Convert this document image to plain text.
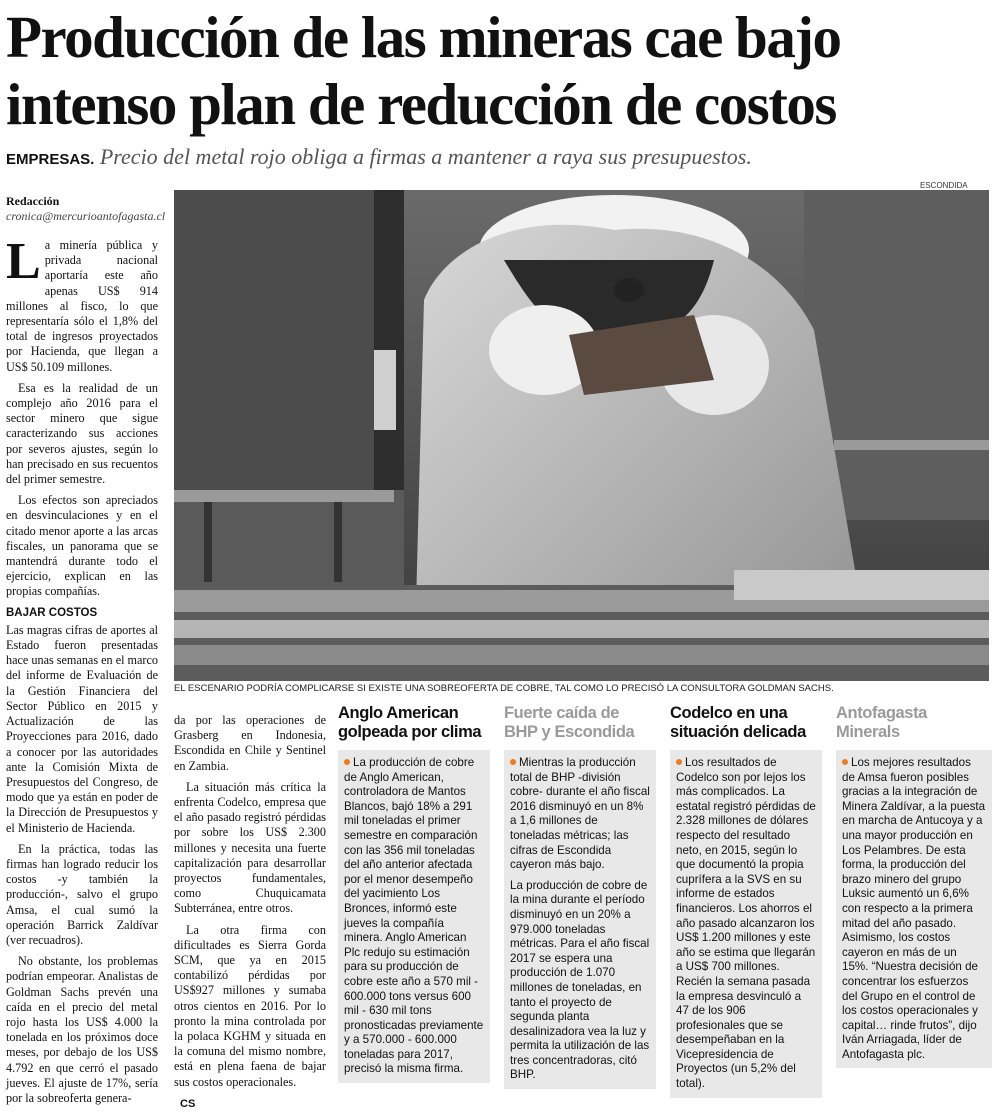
Producción de las mineras cae bajo
intenso plan de reducción de costos
EMPRESAS. Precio del metal rojo obliga a firmas a mantener a raya sus presupuestos.
Redacción
cronica@mercurioantofagasta.cl

La minería pública y privada nacional aportaría este año apenas US$ 914 millones al fisco, lo que representaría sólo el 1,8% del total de ingresos proyectados por Hacienda, que llegan a US$ 50.109 millones.

Esa es la realidad de un complejo año 2016 para el sector minero que sigue caracterizando sus acciones por severos ajustes, según lo han precisado en sus recuentos del primer semestre.

Los efectos son apreciados en desvinculaciones y en el citado menor aporte a las arcas fiscales, un panorama que se mantendrá durante todo el ejercicio, explican en las propias compañías.

BAJAR COSTOS

Las magras cifras de aportes al Estado fueron presentadas hace unas semanas en el marco del informe de Evaluación de la Gestión Financiera del Sector Público en 2015 y Actualización de las Proyecciones para 2016, dado a conocer por las autoridades ante la Comisión Mixta de Presupuestos del Congreso, de modo que ya están en poder de la Dirección de Presupuestos y el Ministerio de Hacienda.

En la práctica, todas las firmas han logrado reducir los costos -y también la producción-, salvo el grupo Amsa, el cual sumó la operación Barrick Zaldívar (ver recuadros).

No obstante, los problemas podrían empeorar. Analistas de Goldman Sachs prevén una caída en el precio del metal rojo hasta los US$ 4.000 la tonelada en los próximos doce meses, por debajo de los US$ 4.792 en que cerró el pasado jueves. El ajuste de 17%, sería por la sobreoferta genera-

ESCONDIDA
EL ESCENARIO PODRÍA COMPLICARSE SI EXISTE UNA SOBREOFERTA DE COBRE, TAL COMO LO PRECISÓ LA CONSULTORA GOLDMAN SACHS.

da por las operaciones de Grasberg en Indonesia, Escondida en Chile y Sentinel en Zambia.

La situación más crítica la enfrenta Codelco, empresa que el año pasado registró pérdidas por sobre los US$ 2.300 millones y necesita una fuerte capitalización para desarrollar proyectos fundamentales, como Chuquicamata Subterránea, entre otros.

La otra firma con dificultades es Sierra Gorda SCM, que ya en 2015 contabilizó pérdidas por US$927 millones y sumaba otros cientos en 2016. Por lo pronto la mina controlada por la polaca KGHM y situada en la comuna del mismo nombre, está en plena faena de bajar sus costos operacionales.

CS
Anglo American golpeada por clima
La producción de cobre de Anglo American, controladora de Mantos Blancos, bajó 18% a 291 mil toneladas el primer semestre en comparación con las 356 mil toneladas del año anterior afectada por el menor desempeño del yacimiento Los Bronces, informó este jueves la compañía minera. Anglo American Plc redujo su estimación para su producción de cobre este año a 570 mil - 600.000 tons versus 600 mil - 630 mil tons pronosticadas previamente y a 570.000 - 600.000 toneladas para 2017, precisó la misma firma.
Fuerte caída de BHP y Escondida
Mientras la producción total de BHP -división cobre- durante el año fiscal 2016 disminuyó en un 8% a 1,6 millones de toneladas métricas; las cifras de Escondida cayeron más bajo.
La producción de cobre de la mina durante el período disminuyó en un 20% a 979.000 toneladas métricas. Para el año fiscal 2017 se espera una producción de 1.070 millones de toneladas, en tanto el proyecto de segunda planta desalinizadora vea la luz y permita la utilización de las tres concentradoras, citó BHP.
Codelco en una situación delicada
Los resultados de Codelco son por lejos los más complicados. La estatal registró pérdidas de 2.328 millones de dólares respecto del resultado neto, en 2015, según lo que documentó la propia cuprífera a la SVS en su informe de estados financieros. Los ahorros el año pasado alcanzaron los US$ 1.200 millones y este año se estima que llegarán a US$ 700 millones. Recién la semana pasada la empresa desvinculó a 47 de los 906 profesionales que se desempeñaban en la Vicepresidencia de Proyectos (un 5,2% del total).
Antofagasta Minerals
Los mejores resultados de Amsa fueron posibles gracias a la integración de Minera Zaldívar, a la puesta en marcha de Antucoya y a una mayor producción en Los Pelambres. De esta forma, la producción del brazo minero del grupo Luksic aumentó un 6,6% con respecto a la primera mitad del año pasado. Asimismo, los costos cayeron en más de un 15%. “Nuestra decisión de concentrar los esfuerzos del Grupo en el control de los costos operacionales y capital… rinde frutos”, dijo Iván Arriagada, líder de Antofagasta plc.
